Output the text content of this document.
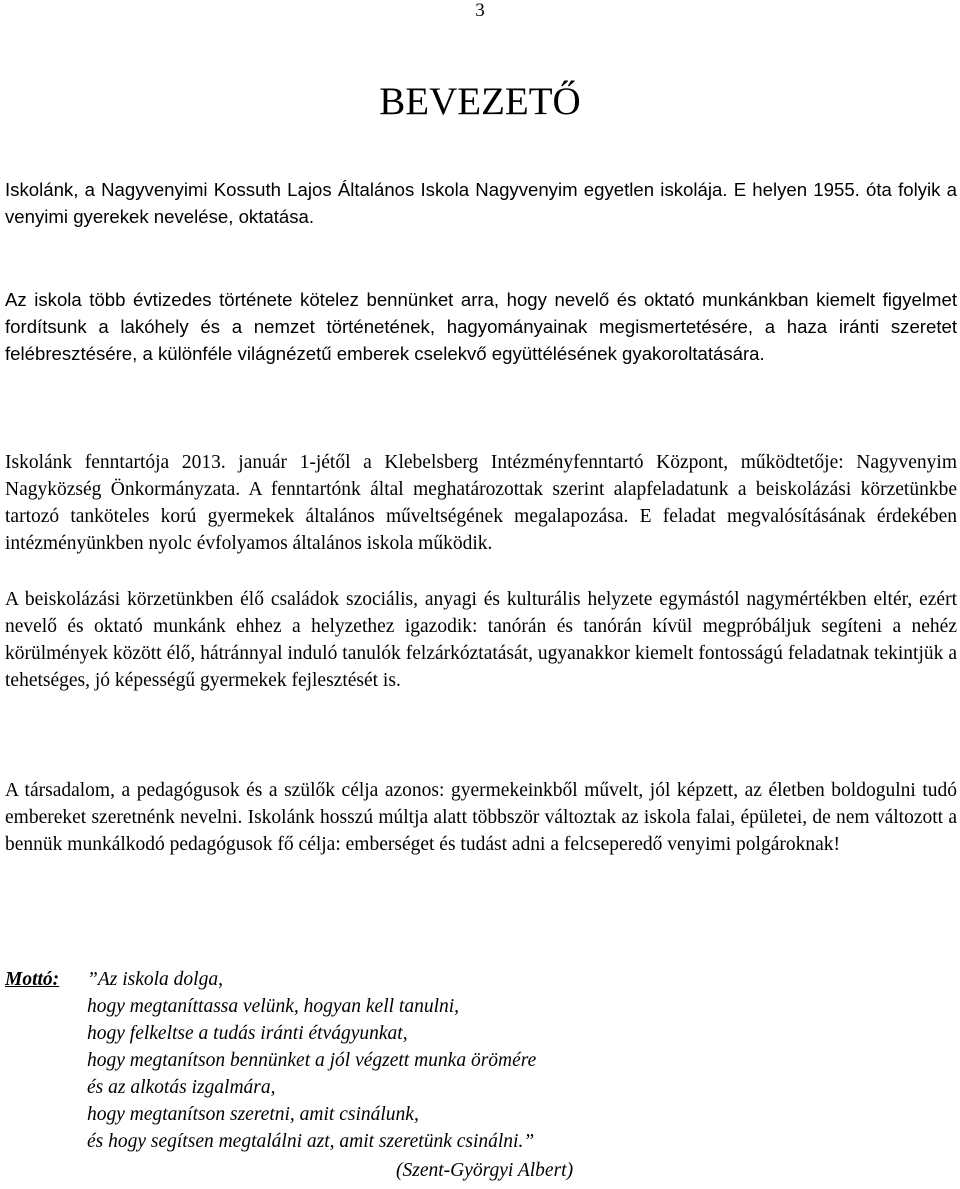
3
BEVEZETŐ

Iskolánk, a Nagyvenyimi Kossuth Lajos Általános Iskola Nagyvenyim egyetlen iskolája. E helyen 1955. óta folyik a venyimi gyerekek nevelése, oktatása.

Az iskola több évtizedes története kötelez bennünket arra, hogy nevelő és oktató munkánkban kiemelt figyelmet fordítsunk a lakóhely és a nemzet történetének, hagyományainak megismertetésére, a haza iránti szeretet felébresztésére, a különféle világnézetű emberek cselekvő együttélésének gyakoroltatására.

Iskolánk fenntartója 2013. január 1-jétől a Klebelsberg Intézményfenntartó Központ, működtetője: Nagyvenyim Nagyközség Önkormányzata. A fenntartónk által meghatározottak szerint alapfeladatunk a beiskolázási körzetünkbe tartozó tanköteles korú gyermekek általános műveltségének megalapozása. E feladat megvalósításának érdekében intézményünkben nyolc évfolyamos általános iskola működik.

A beiskolázási körzetünkben élő családok szociális, anyagi és kulturális helyzete egymástól nagymértékben eltér, ezért nevelő és oktató munkánk ehhez a helyzethez igazodik: tanórán és tanórán kívül megpróbáljuk segíteni a nehéz körülmények között élő, hátránnyal induló tanulók felzárkóztatását, ugyanakkor kiemelt fontosságú feladatnak tekintjük a tehetséges, jó képességű gyermekek fejlesztését is.

A társadalom, a pedagógusok és a szülők célja azonos: gyermekeinkből művelt, jól képzett, az életben boldogulni tudó embereket szeretnénk nevelni. Iskolánk hosszú múltja alatt többször változtak az iskola falai, épületei, de nem változott a bennük munkálkodó pedagógusok fő célja: emberséget és tudást adni a felcseperedő venyimi polgároknak!

Mottó: ”Az iskola dolga,
hogy megtaníttassa velünk, hogyan kell tanulni,
hogy felkeltse a tudás iránti étvágyunkat,
hogy megtanítson bennünket a jól végzett munka örömére
és az alkotás izgalmára,
hogy megtanítson szeretni, amit csinálunk,
és hogy segítsen megtalálni azt, amit szeretünk csinálni.”
(Szent-Györgyi Albert)
